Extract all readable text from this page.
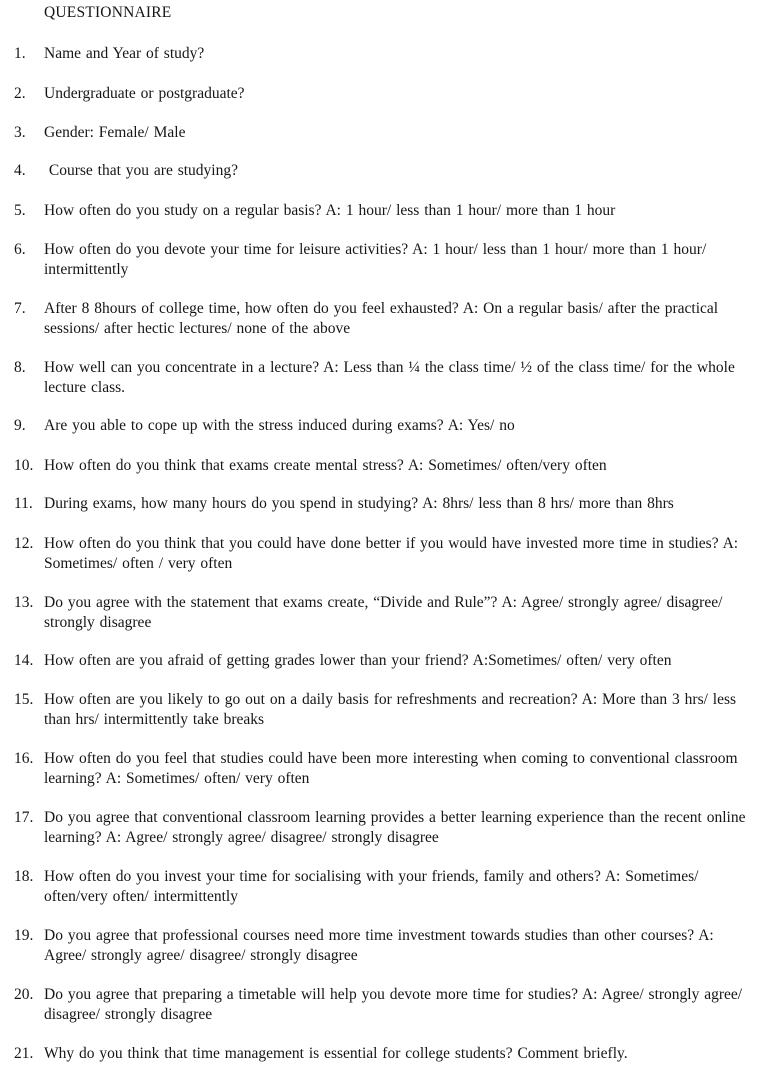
QUESTIONNAIRE
1.	Name and Year of study?
2.	Undergraduate or postgraduate?
3.	Gender: Female/ Male
4.	Course that you are studying?
5.	How often do you study on a regular basis? A: 1 hour/ less than 1 hour/ more than 1 hour
6.	How often do you devote your time for leisure activities? A: 1 hour/ less than 1 hour/ more than 1 hour/ intermittently
7.	After 8 8hours of college time, how often do you feel exhausted? A: On a regular basis/ after the practical sessions/ after hectic lectures/ none of the above
8.	How well can you concentrate in a lecture? A: Less than ¼ the class time/ ½ of the class time/ for the whole lecture class.
9.	Are you able to cope up with the stress induced during exams? A: Yes/ no
10. How often do you think that exams create mental stress? A: Sometimes/ often/very often
11. During exams, how many hours do you spend in studying? A: 8hrs/ less than 8 hrs/ more than 8hrs
12. How often do you think that you could have done better if you would have invested more time in studies? A: Sometimes/ often / very often
13. Do you agree with the statement that exams create, “Divide and Rule”? A: Agree/ strongly agree/ disagree/ strongly disagree
14. How often are you afraid of getting grades lower than your friend? A:Sometimes/ often/ very often
15. How often are you likely to go out on a daily basis for refreshments and recreation? A: More than 3 hrs/ less than hrs/ intermittently take breaks
16. How often do you feel that studies could have been more interesting when coming to conventional classroom learning? A: Sometimes/ often/ very often
17. Do you agree that conventional classroom learning provides a better learning experience than the recent online learning? A: Agree/ strongly agree/ disagree/ strongly disagree
18. How often do you invest your time for socialising with your friends, family and others? A: Sometimes/ often/very often/ intermittently
19. Do you agree that professional courses need more time investment towards studies than other courses? A: Agree/ strongly agree/ disagree/ strongly disagree
20. Do you agree that preparing a timetable will help you devote more time for studies? A: Agree/ strongly agree/ disagree/ strongly disagree
21. Why do you think that time management is essential for college students? Comment briefly.
